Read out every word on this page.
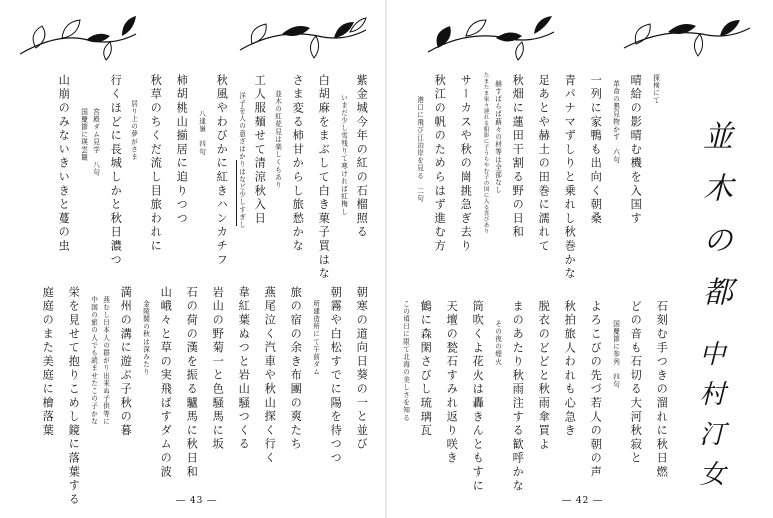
紫金城今年の紅の石榴照る
いまだ少し雪残りて寒ければ紅梅し
白胡麻をまぶして白き菓子買はな
さま変る柿甘からし旅愁かな
並木の紅花見は楽しくもあり
工人服麺せて清涼秋入日
洋子を人の意ざはかりはなど少しすぎし
秋風やわびかに紅きハンカチフ
八達嶺　四句
柿胡桃山揃居に迫りつつ
秋草のちくだ流し目旅われに
居り上の夢がさま
行くほどに長城しかと秋日濃つ
宮殿ダム見学　八句
国慶節に瑛雲観
山崩のみないきいきと蔓の虫
朝寒の道向日葵の一と並び
朝霧や白松すでに陽を待つつ
所建造所にて午前ダム
旅の宿の余き布團の爽たち
燕尾泣く汽車や秋山探く行く
韋紅葉ぬつと岩山騒つくる
岩山の野菊一と色騒馬に坂
石の荷の漢を振る驢馬に秋日和
山峨々と草の実飛ばすダムの波
金陵閣の秋は深みたり
満州の溝に遊ぶ子秋の暮
燕むし日本人の群がり出来ぬ子供等に
中国の旅の人でも読ませたこの子かな
栄を見せて抱りこめし鏡に落葉する
庭庭のまた美庭に檜落葉
― 43 ―
並木の都
中村汀女
探検にて
晴給の影晴む機を入国す
革命の懇見物かず　六句
一列に家鴨も出向く朝桑
青パナマずしりと乗れし秋巻かな
足あとや赫土の田巻に濡れて
秋畑に蓮田干割る野の日和
赫すばらば蕗々の材等は全部なし
たまたま家々連れる船影に子うらやむ子の国に入る喜びあり
サーカスや秋の崗挑急ぎ去り
秋江の帆のためらはず進む方
港口に飛び江泊岸を見る　二句
石刻む手つきの溜れに秋日燃
どの音も石切る大河秋寂と
国慶節に参列　四句
よろこびの先づ若人の朝の声
秋拍旅人われも心急き
脱衣のどどと秋雨傘買よ
まのあたり秋雨注する歓呼かな
その夜の煙火
筒吹くよ花火は轟きんともすに
天壇の甃石すみれ返り咲き
鶴に森閑さびし琉璃瓦
この頃日に限て北海の美しさを知る
― 42 ―
